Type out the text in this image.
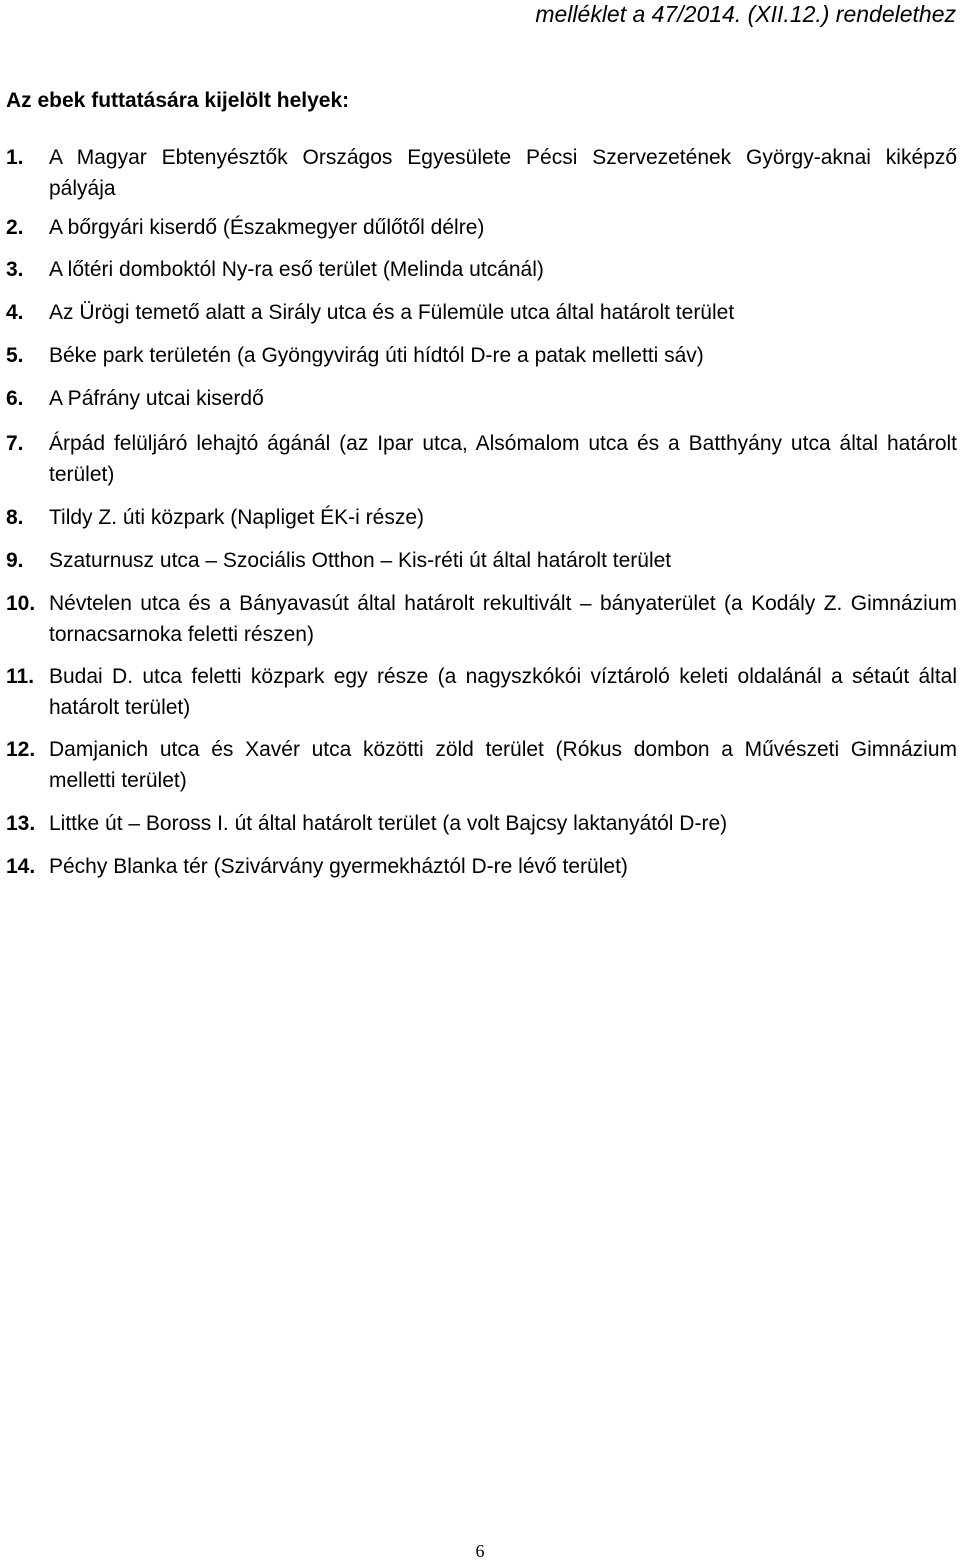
melléklet a 47/2014. (XII.12.) rendelethez
Az ebek futtatására kijelölt helyek:
1. A Magyar Ebtenyésztők Országos Egyesülete Pécsi Szervezetének György-aknai kiképző pályája
2. A bőrgyári kiserdő (Északmegyer dűlőtől délre)
3. A lőtéri domboktól Ny-ra eső terület (Melinda utcánál)
4. Az Ürögi temető alatt a Sirály utca és a Fülemüle utca által határolt terület
5. Béke park területén (a Gyöngyvirág úti hídtól D-re a patak melletti sáv)
6. A Páfrány utcai kiserdő
7. Árpád felüljáró lehajtó ágánál (az Ipar utca, Alsómalom utca és a Batthyány utca által határolt terület)
8. Tildy Z. úti közpark (Napliget ÉK-i része)
9. Szaturnusz utca – Szociális Otthon – Kis-réti út által határolt terület
10. Névtelen utca és a Bányavasút által határolt rekultivált – bányaterület (a Kodály Z. Gimnázium tornacsarnoka feletti részen)
11. Budai D. utca feletti közpark egy része (a nagyszkókói víztároló keleti oldalánál a sétaút által határolt terület)
12. Damjanich utca és Xavér utca közötti zöld terület (Rókus dombon a Művészeti Gimnázium melletti terület)
13. Littke út – Boross I. út által határolt terület (a volt Bajcsy laktanyától D-re)
14. Péchy Blanka tér (Szivárvány gyermekháztól D-re lévő terület)
6
